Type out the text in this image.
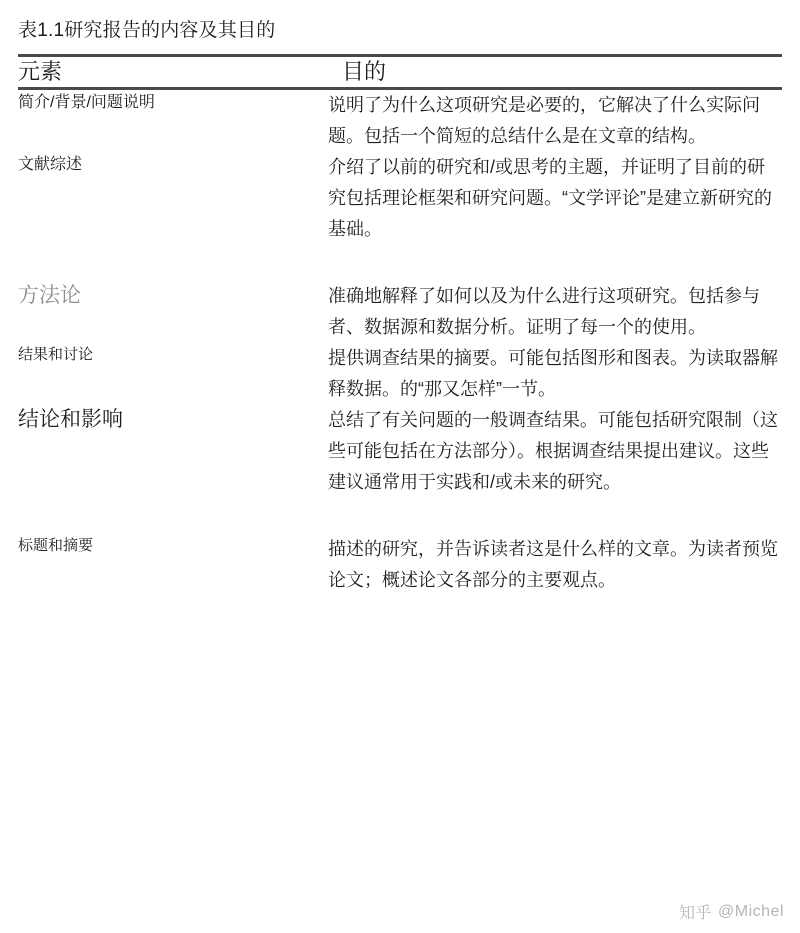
表1.1研究报告的内容及其目的
元素	目的
简介/背景/问题说明	说明了为什么这项研究是必要的，它解决了什么实际问题。包括一个简短的总结什么是在文章的结构。
文献综述	介绍了以前的研究和/或思考的主题，并证明了目前的研究包括理论框架和研究问题。“文学评论”是建立新研究的基础。

方法论	准确地解释了如何以及为什么进行这项研究。包括参与者、数据源和数据分析。证明了每一个的使用。
结果和讨论	提供调查结果的摘要。可能包括图形和图表。为读取器解释数据。的“那又怎样”一节。
结论和影响	总结了有关问题的一般调查结果。可能包括研究限制（这些可能包括在方法部分）。根据调查结果提出建议。这些建议通常用于实践和/或未来的研究。

标题和摘要	描述的研究，并告诉读者这是什么样的文章。为读者预览论文；概述论文各部分的主要观点。
知乎 @Michel
